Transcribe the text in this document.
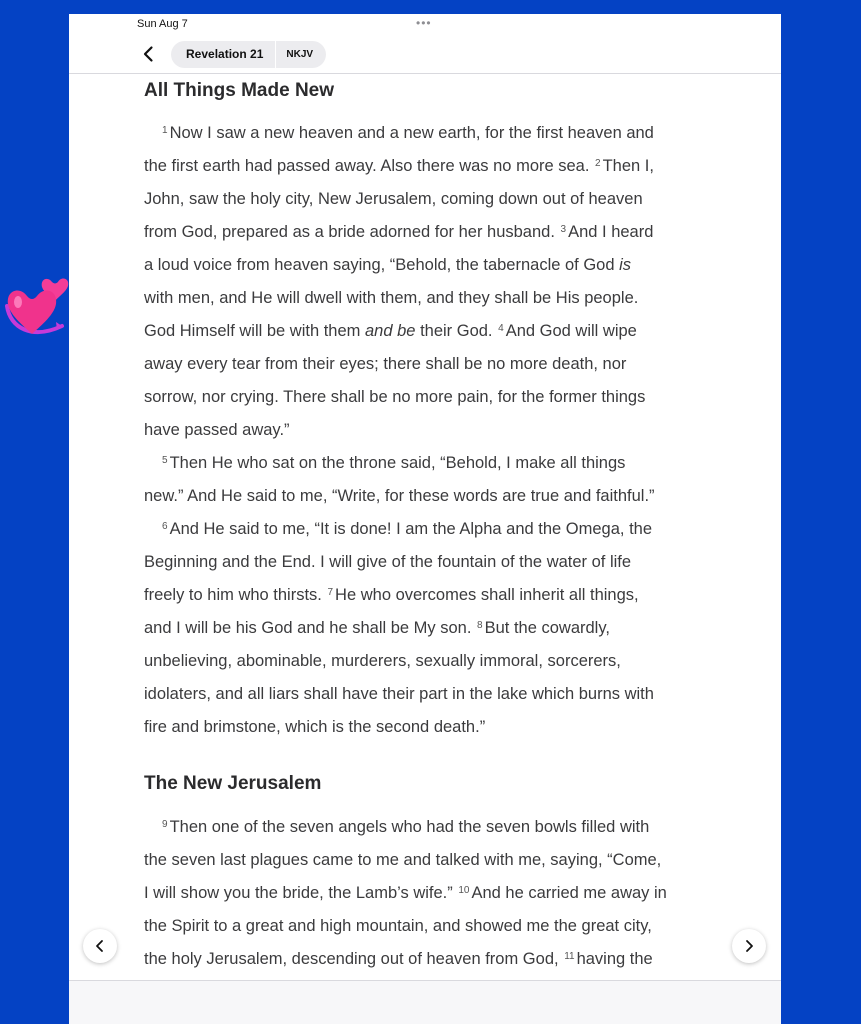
Sun Aug 7	•••
Revelation 21	NKJV
All Things Made New
$^1$ Now I saw a new heaven and a new earth, for the first heaven and
the first earth had passed away. Also there was no more sea. $^2$ Then I,
John, saw the holy city, New Jerusalem, coming down out of heaven
from God, prepared as a bride adorned for her husband. $^3$ And I heard
a loud voice from heaven saying, “Behold, the tabernacle of God is
with men, and He will dwell with them, and they shall be His people.
God Himself will be with them and be their God. $^4$ And God will wipe
away every tear from their eyes; there shall be no more death, nor
sorrow, nor crying. There shall be no more pain, for the former things
have passed away.”
$^5$ Then He who sat on the throne said, “Behold, I make all things
new.” And He said to me, “Write, for these words are true and faithful.”
$^6$ And He said to me, “It is done! I am the Alpha and the Omega, the
Beginning and the End. I will give of the fountain of the water of life
freely to him who thirsts. $^7$ He who overcomes shall inherit all things,
and I will be his God and he shall be My son. $^8$ But the cowardly,
unbelieving, abominable, murderers, sexually immoral, sorcerers,
idolaters, and all liars shall have their part in the lake which burns with
fire and brimstone, which is the second death.”
The New Jerusalem
$^9$ Then one of the seven angels who had the seven bowls filled with
the seven last plagues came to me and talked with me, saying, “Come,
I will show you the bride, the Lamb’s wife.” $^{10}$ And he carried me away in
the Spirit to a great and high mountain, and showed me the great city,
the holy Jerusalem, descending out of heaven from God, $^{11}$ having the
